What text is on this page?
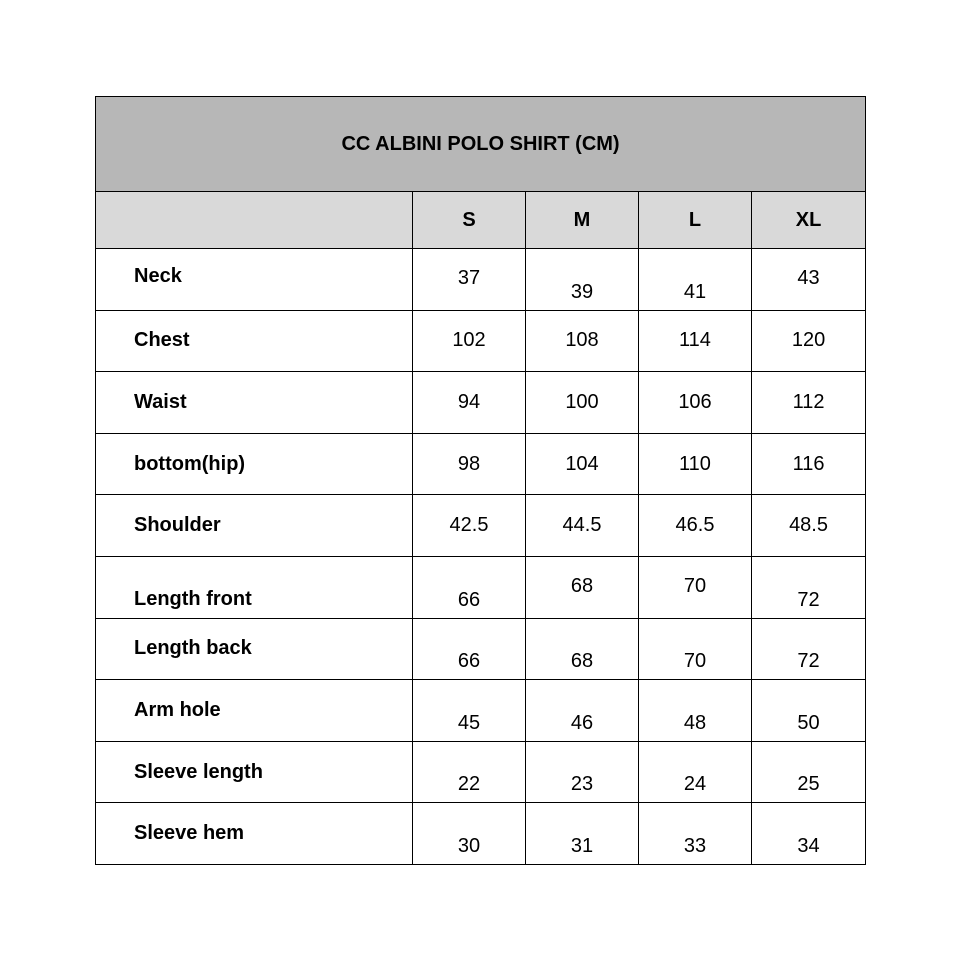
CC ALBINI POLO SHIRT (CM)				
	S	M	L	XL
Neck	37	39	41	43
Chest	102	108	114	120
Waist	94	100	106	112
bottom(hip)	98	104	110	116
Shoulder	42.5	44.5	46.5	48.5
Length front	66	68	70	72
Length back	66	68	70	72
Arm hole	45	46	48	50
Sleeve length	22	23	24	25
Sleeve hem	30	31	33	34
